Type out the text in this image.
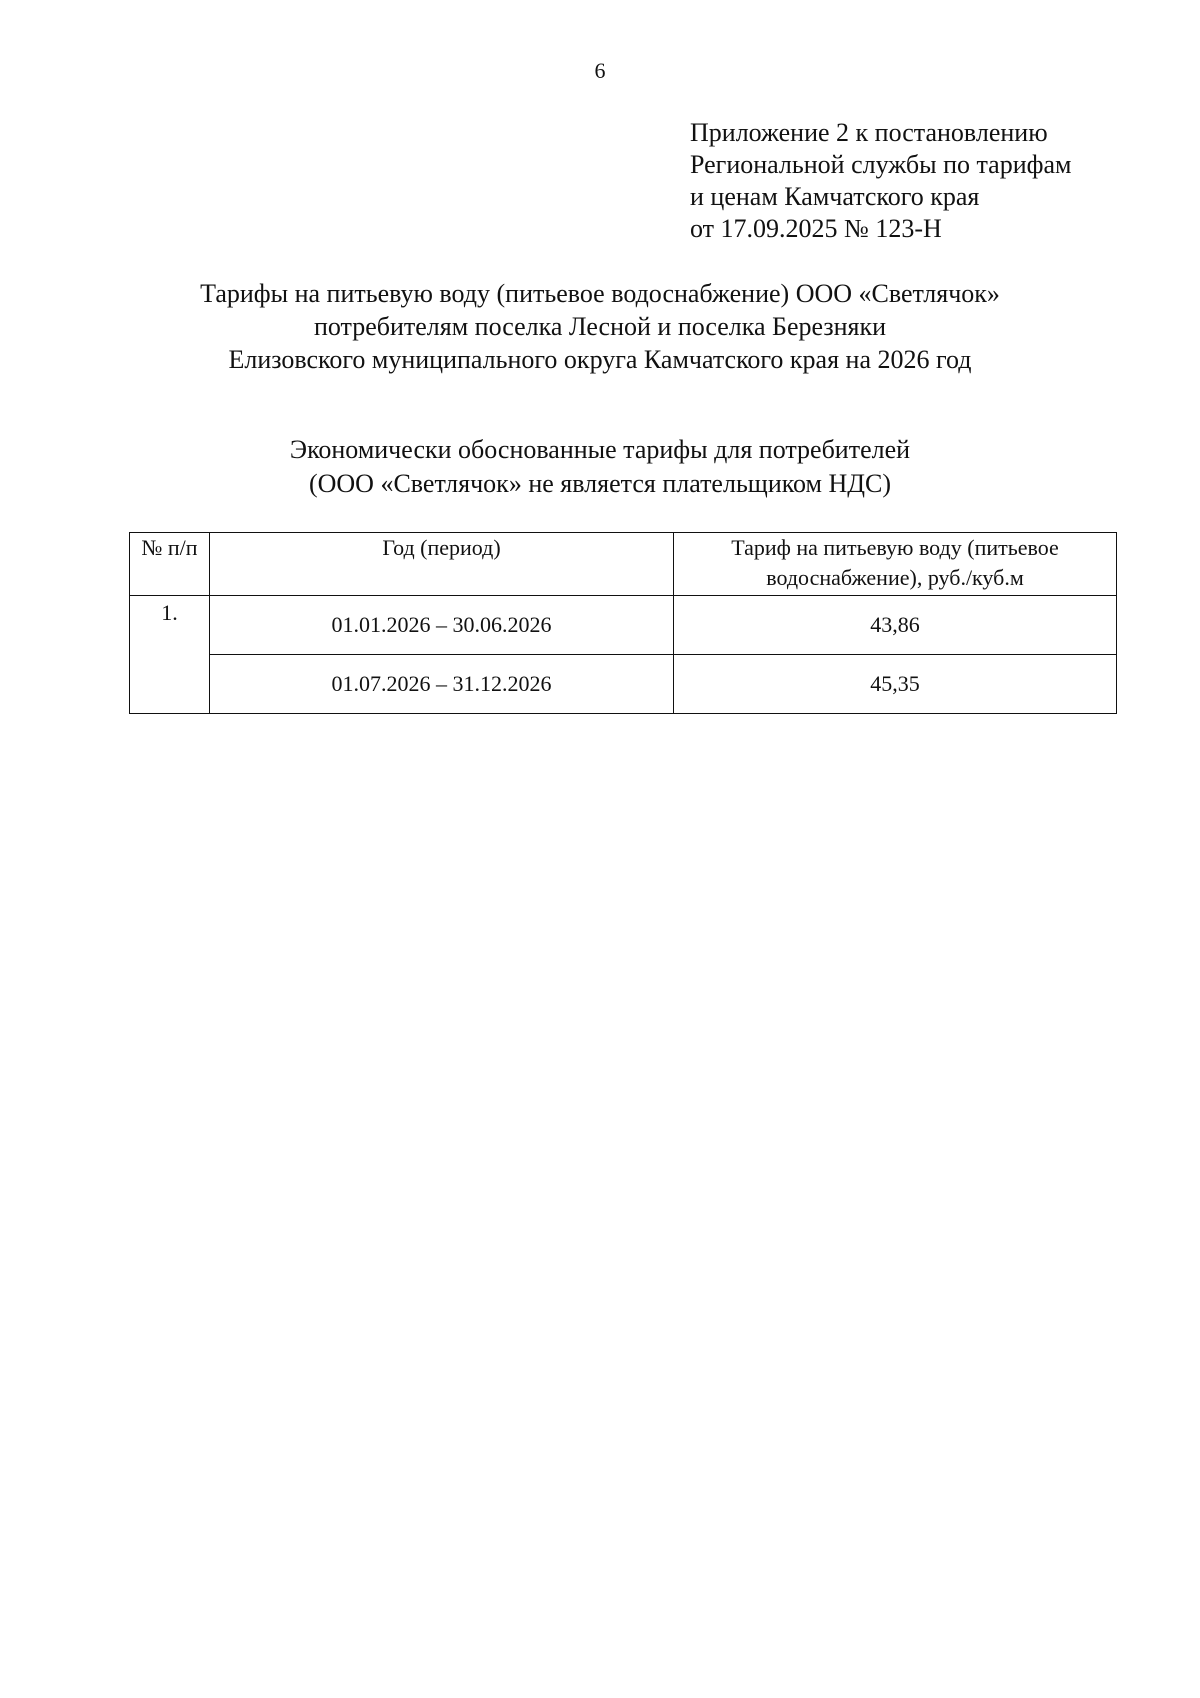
6
Приложение 2 к постановлению
Региональной службы по тарифам
и ценам Камчатского края
от 17.09.2025 № 123-Н
Тарифы на питьевую воду (питьевое водоснабжение) ООО «Светлячок»
потребителям поселка Лесной и поселка Березняки
Елизовского муниципального округа Камчатского края на 2026 год
Экономически обоснованные тарифы для потребителей
(ООО «Светлячок» не является плательщиком НДС)
№ п/п	Год (период)	Тариф на питьевую воду (питьевое
водоснабжение), руб./куб.м

1.	01.01.2026 – 30.06.2026	43,86
	01.07.2026 – 31.12.2026	45,35
